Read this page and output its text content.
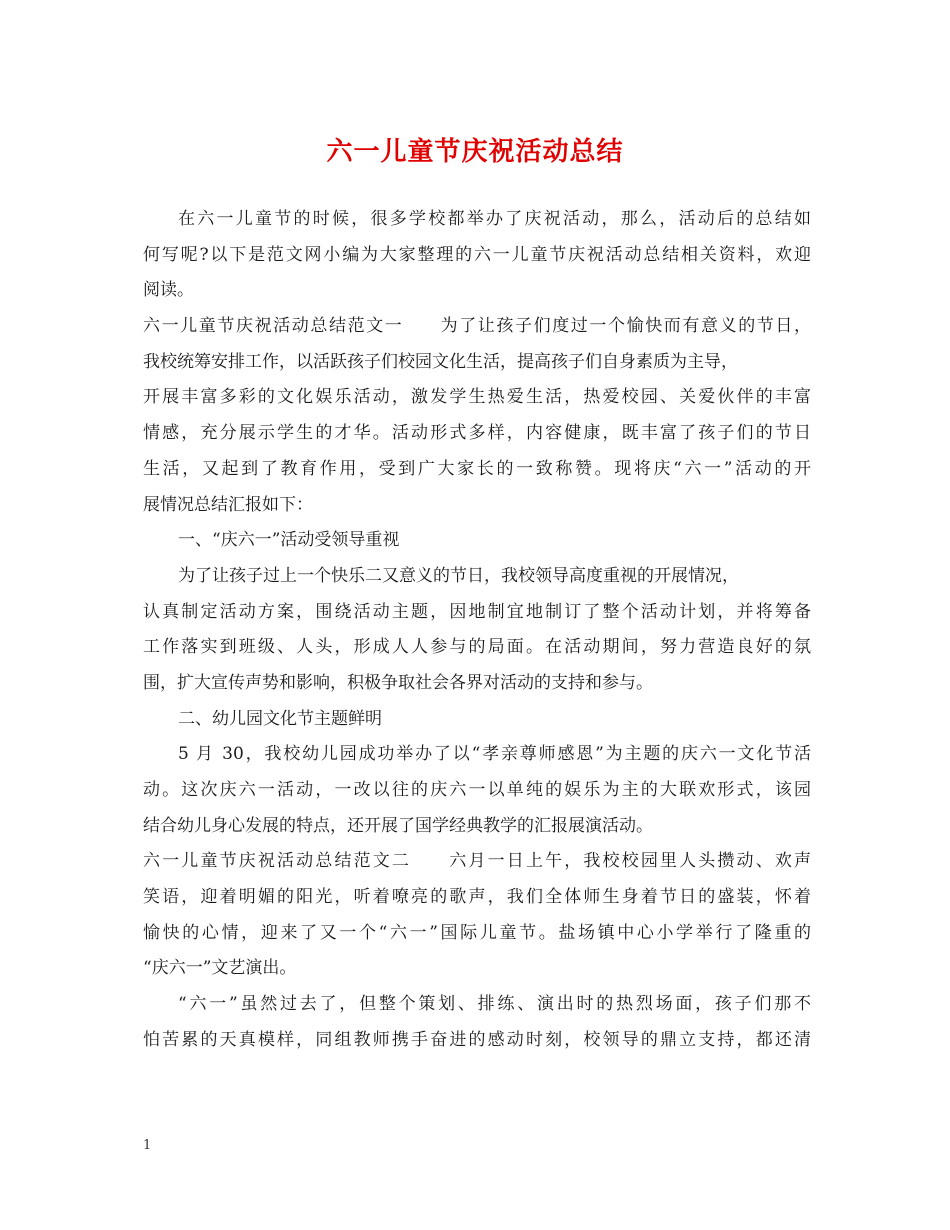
六一儿童节庆祝活动总结
在六一儿童节的时候，很多学校都举办了庆祝活动，那么，活动后的总结如
何写呢?以下是范文网小编为大家整理的六一儿童节庆祝活动总结相关资料，欢迎
阅读。
六一儿童节庆祝活动总结范文一　　为了让孩子们度过一个愉快而有意义的节日，
我校统筹安排工作，以活跃孩子们校园文化生活，提高孩子们自身素质为主导，
开展丰富多彩的文化娱乐活动，激发学生热爱生活，热爱校园、关爱伙伴的丰富
情感，充分展示学生的才华。活动形式多样，内容健康，既丰富了孩子们的节日
生活，又起到了教育作用，受到广大家长的一致称赞。现将庆“六一”活动的开
展情况总结汇报如下：
一、“庆六一”活动受领导重视
为了让孩子过上一个快乐二又意义的节日，我校领导高度重视的开展情况，
认真制定活动方案，围绕活动主题，因地制宜地制订了整个活动计划，并将筹备
工作落实到班级、人头，形成人人参与的局面。在活动期间，努力营造良好的氛
围，扩大宣传声势和影响，积极争取社会各界对活动的支持和参与。
二、幼儿园文化节主题鲜明
5 月 30，我校幼儿园成功举办了以“孝亲尊师感恩”为主题的庆六一文化节活
动。这次庆六一活动，一改以往的庆六一以单纯的娱乐为主的大联欢形式，该园
结合幼儿身心发展的特点，还开展了国学经典教学的汇报展演活动。
六一儿童节庆祝活动总结范文二　　六月一日上午，我校校园里人头攒动、欢声
笑语，迎着明媚的阳光，听着嘹亮的歌声，我们全体师生身着节日的盛装，怀着
愉快的心情，迎来了又一个“六一”国际儿童节。盐场镇中心小学举行了隆重的
“庆六一”文艺演出。
“六一”虽然过去了，但整个策划、排练、演出时的热烈场面，孩子们那不
怕苦累的天真模样，同组教师携手奋进的感动时刻，校领导的鼎立支持，都还清
1
